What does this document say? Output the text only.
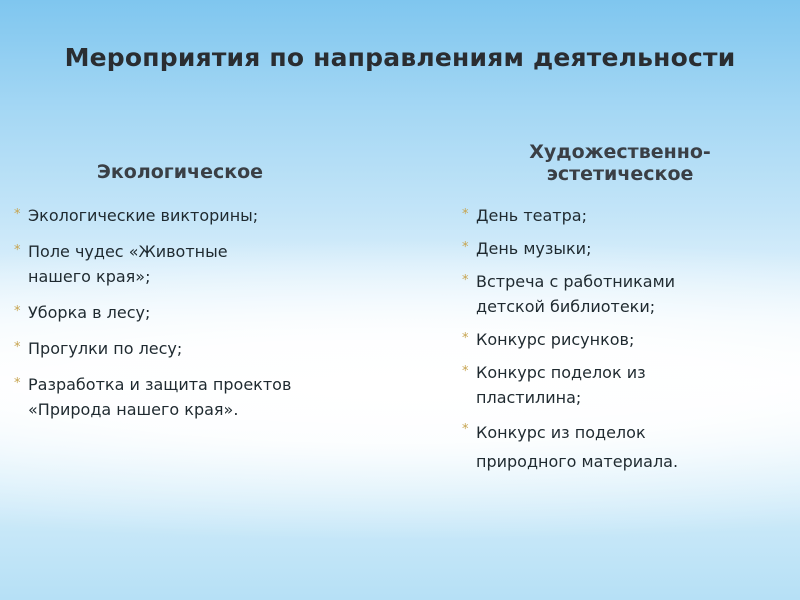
Мероприятия по направлениям деятельности
Экологическое
* Экологические викторины;
* Поле чудес «Животные нашего края»;
* Уборка в лесу;
* Прогулки по лесу;
* Разработка и защита проектов «Природа нашего края».
Художественно-эстетическое
* День театра;
* День музыки;
* Встреча с работниками детской библиотеки;
* Конкурс рисунков;
* Конкурс поделок из пластилина;
* Конкурс из поделок природного материала.
